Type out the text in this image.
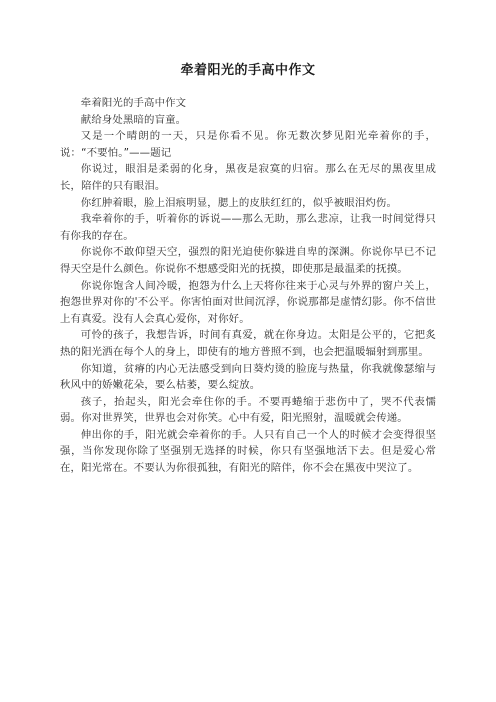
牵着阳光的手高中作文

牵着阳光的手高中作文

献给身处黑暗的盲童。

又是一个晴朗的一天，只是你看不见。你无数次梦见阳光牵着你的手，说：“不要怕。”——题记

你说过，眼泪是柔弱的化身，黑夜是寂寞的归宿。那么在无尽的黑夜里成长，陪伴的只有眼泪。

你红肿着眼，脸上泪痕明显，腮上的皮肤红红的，似乎被眼泪灼伤。

我牵着你的手，听着你的诉说——那么无助，那么悲凉，让我一时间觉得只有你我的存在。

你说你不敢仰望天空，强烈的阳光迫使你躲进自卑的深渊。你说你早已不记得天空是什么颜色。你说你不想感受阳光的抚摸，即使那是最温柔的抚摸。

你说你饱含人间冷暖，抱怨为什么上天将你往来于心灵与外界的窗户关上，抱怨世界对你的'不公平。你害怕面对世间沉浮，你说那都是虚情幻影。你不信世上有真爱。没有人会真心爱你，对你好。

可怜的孩子，我想告诉，时间有真爱，就在你身边。太阳是公平的，它把炙热的阳光洒在每个人的身上，即使有的地方普照不到，也会把温暖辐射到那里。

你知道，贫瘠的内心无法感受到向日葵灼烫的脸庞与热量，你我就像瑟缩与秋风中的娇嫩花朵，要么枯萎，要么绽放。

孩子，抬起头，阳光会牵住你的手。不要再蜷缩于悲伤中了，哭不代表懦弱。你对世界笑，世界也会对你笑。心中有爱，阳光照射，温暖就会传递。

伸出你的手，阳光就会牵着你的手。人只有自己一个人的时候才会变得很坚强，当你发现你除了坚强别无选择的时候，你只有坚强地活下去。但是爱心常在，阳光常在。不要认为你很孤独，有阳光的陪伴，你不会在黑夜中哭泣了。
